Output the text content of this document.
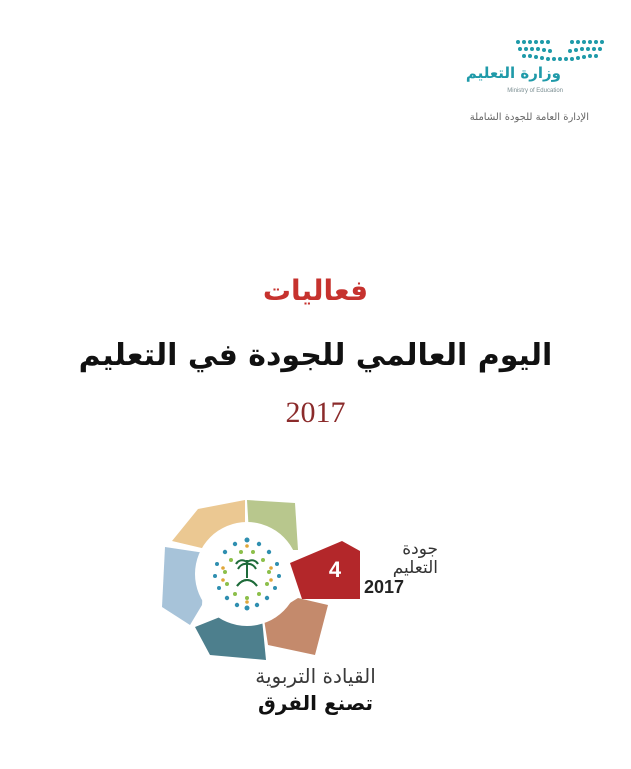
وزارة التعليم
Ministry of Education
الإدارة العامة للجودة الشاملة
فعاليات
اليوم العالمي للجودة في التعليم
2017
4
جودة
التعليم
2017
القيادة التربوية
تصنع الفرق
